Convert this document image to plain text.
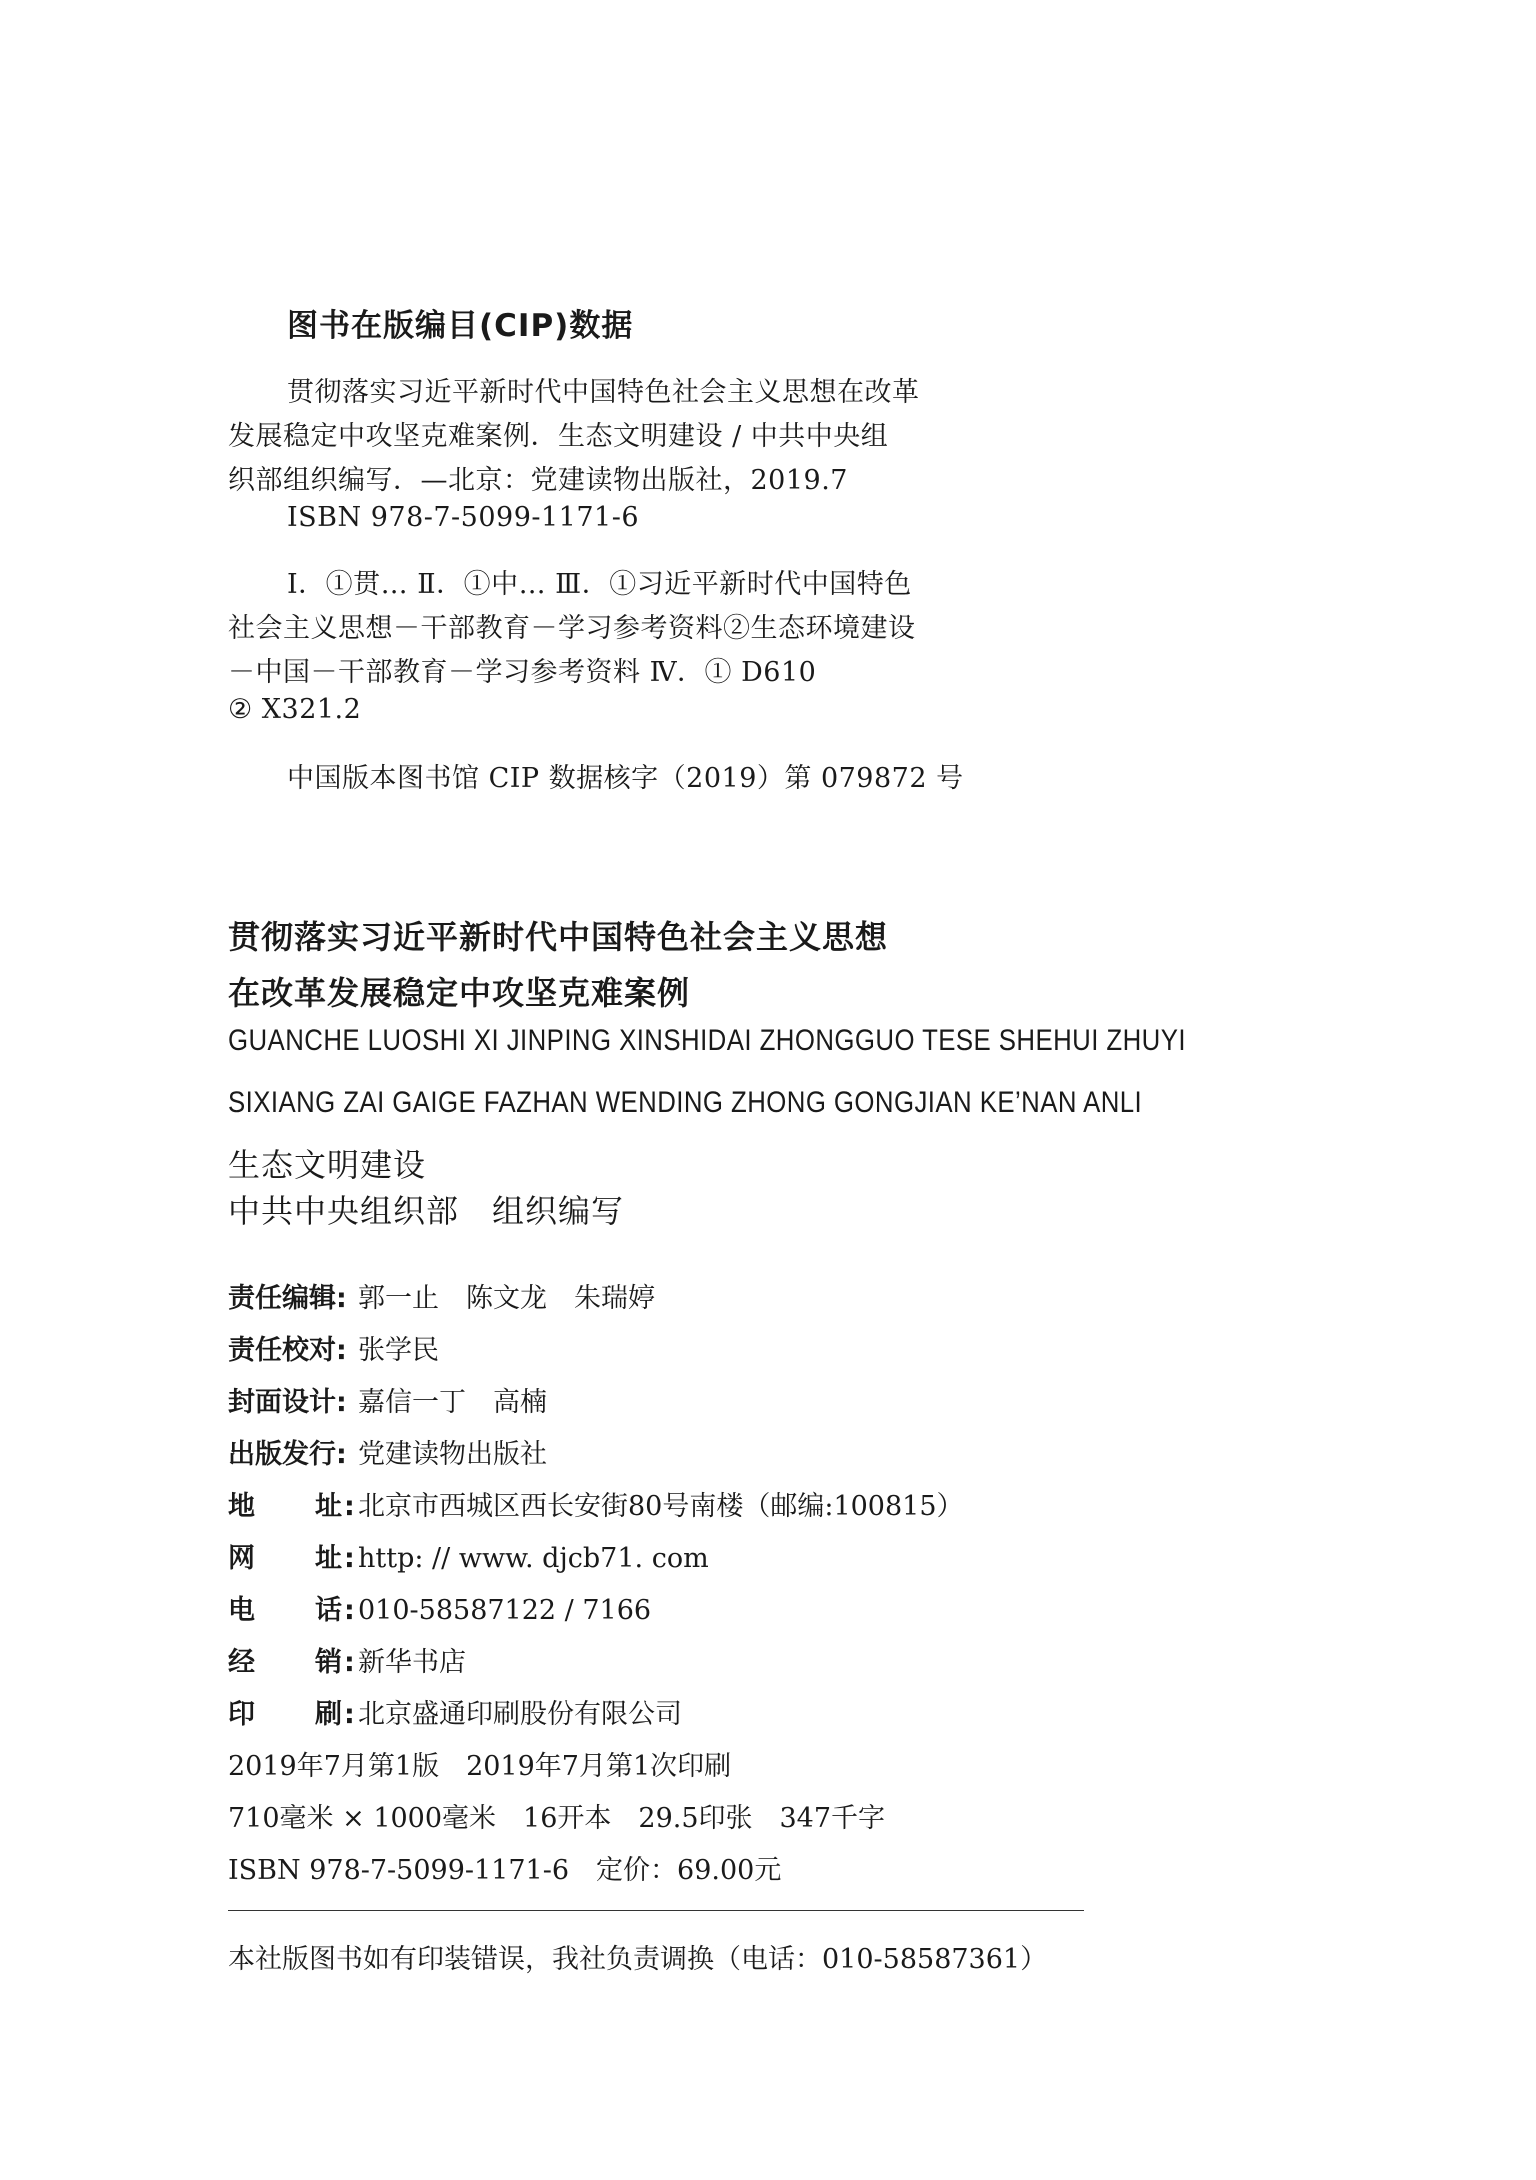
图书在版编目(CIP)数据
贯彻落实习近平新时代中国特色社会主义思想在改革
发展稳定中攻坚克难案例．生态文明建设 / 中共中央组
织部组织编写．—北京：党建读物出版社，2019.7
ISBN 978-7-5099-1171-6
Ⅰ．①贯… Ⅱ．①中… Ⅲ．①习近平新时代中国特色
社会主义思想－干部教育－学习参考资料②生态环境建设
－中国－干部教育－学习参考资料 Ⅳ．① D610
② X321.2
中国版本图书馆 CIP 数据核字（2019）第 079872 号
贯彻落实习近平新时代中国特色社会主义思想
在改革发展稳定中攻坚克难案例
GUANCHE LUOSHI XI JINPING XINSHIDAI ZHONGGUO TESE SHEHUI ZHUYI
SIXIANG ZAI GAIGE FAZHAN WENDING ZHONG GONGJIAN KE’NAN ANLI
生态文明建设
中共中央组织部　组织编写
责任编辑: 郭一止　陈文龙　朱瑞婷
责任校对: 张学民
封面设计: 嘉信一丁　高楠
出版发行: 党建读物出版社
地　　址:北京市西城区西长安街80号南楼（邮编:100815）
网　　址:http: // www. djcb71. com
电　　话:010-58587122 / 7166
经　　销:新华书店
印　　刷:北京盛通印刷股份有限公司
2019年7月第1版　2019年7月第1次印刷
710毫米 × 1000毫米　16开本　29.5印张　347千字
ISBN 978-7-5099-1171-6　定价：69.00元
本社版图书如有印装错误，我社负责调换（电话：010-58587361）
